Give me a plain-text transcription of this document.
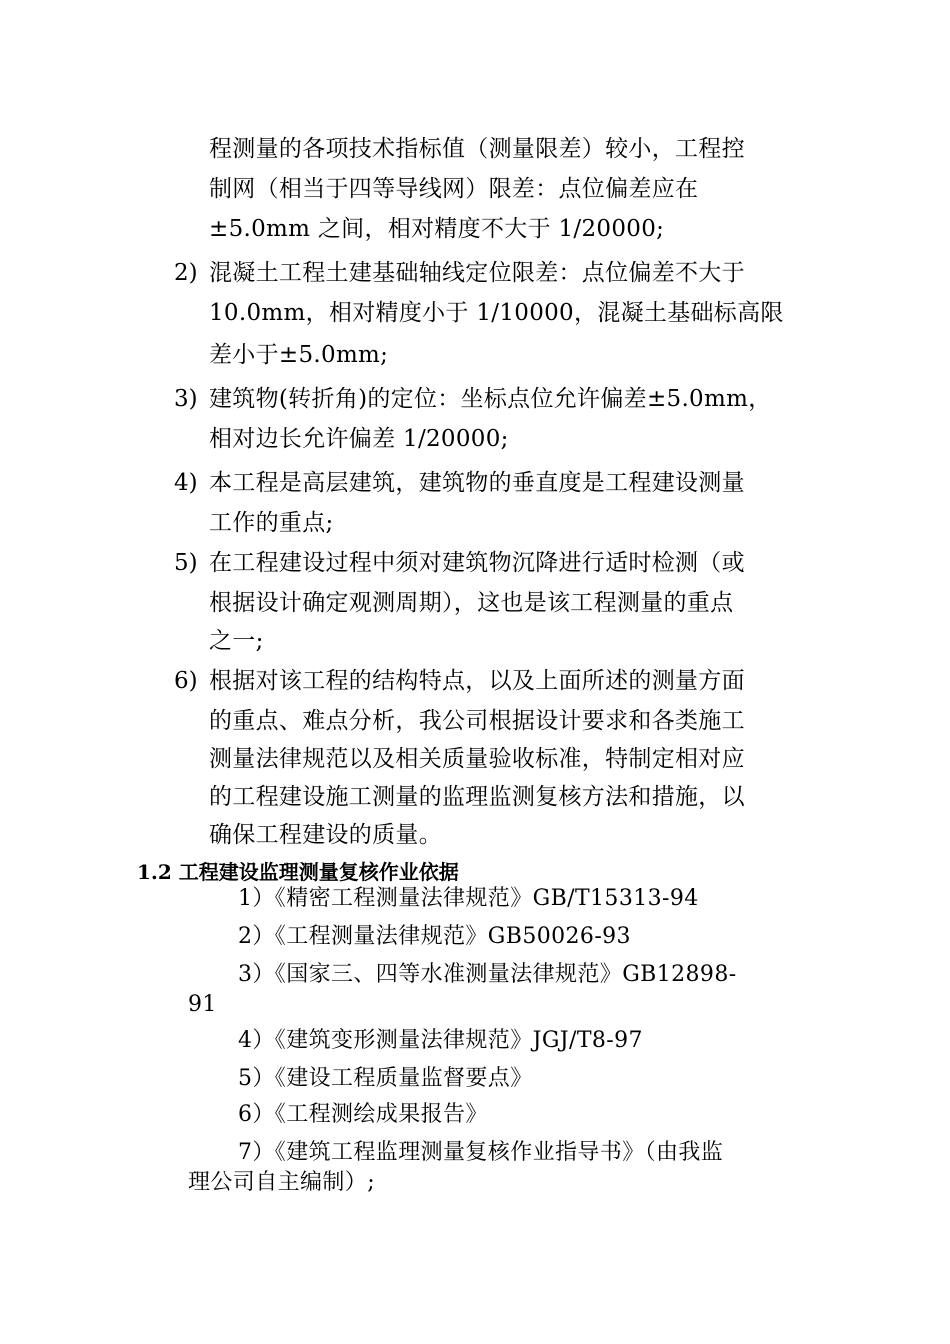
程测量的各项技术指标值（测量限差）较小，工程控
制网（相当于四等导线网）限差：点位偏差应在
±5.0mm 之间，相对精度不大于 1/20000;
2) 混凝土工程土建基础轴线定位限差：点位偏差不大于
10.0mm，相对精度小于 1/10000，混凝土基础标高限
差小于±5.0mm;
3) 建筑物(转折角)的定位：坐标点位允许偏差±5.0mm，
相对边长允许偏差 1/20000;
4) 本工程是高层建筑，建筑物的垂直度是工程建设测量
工作的重点;
5) 在工程建设过程中须对建筑物沉降进行适时检测（或
根据设计确定观测周期），这也是该工程测量的重点
之一;
6) 根据对该工程的结构特点，以及上面所述的测量方面
的重点、难点分析，我公司根据设计要求和各类施工
测量法律规范以及相关质量验收标准，特制定相对应
的工程建设施工测量的监理监测复核方法和措施，以
确保工程建设的质量。
1.2 工程建设监理测量复核作业依据
1）《精密工程测量法律规范》GB/T15313-94
2）《工程测量法律规范》GB50026-93
3）《国家三、四等水准测量法律规范》GB12898-
91
4）《建筑变形测量法律规范》JGJ/T8-97
5）《建设工程质量监督要点》
6）《工程测绘成果报告》
7）《建筑工程监理测量复核作业指导书》（由我监
理公司自主编制）;
